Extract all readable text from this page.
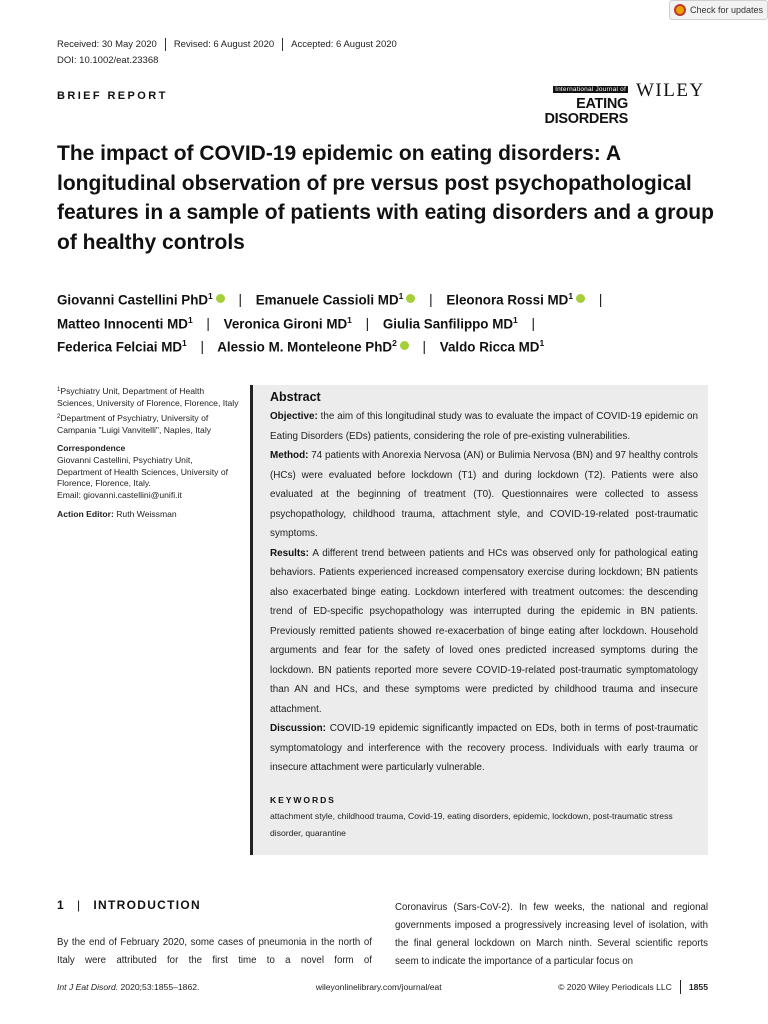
Received: 30 May 2020 Revised: 6 August 2020 Accepted: 6 August 2020
DOI: 10.1002/eat.23368
Check for updates
International Journal of
EATING DISORDERS
WILEY
BRIEF REPORT
The impact of COVID-19 epidemic on eating disorders: A longitudinal observation of pre versus post psychopathological features in a sample of patients with eating disorders and a group of healthy controls
Giovanni Castellini PhD$^1$ | Emanuele Cassioli $MD^1$ | Eleonora Rossi $MD^1$ |
Matteo Innocenti $MD^1$ | Veronica Gironi $MD^1$ | Giulia Sanfilippo $MD^1$ |
Federica Felciai $MD^1$ | Alessio M. Monteleone PhD$^2$ | Valdo Ricca $MD^1$

$^1$Psychiatry Unit, Department of Health Sciences, University of Florence, Florence, Italy

$^2$Department of Psychiatry, University of Campania "Luigi Vanvitelli", Naples, Italy

Correspondence

Giovanni Castellini, Psychiatry Unit, Department of Health Sciences, University of Florence, Florence, Italy.

Email: giovanni.castellini@unifi.it

Action Editor: Ruth Weissman

Abstract
Objective: the aim of this longitudinal study was to evaluate the impact of COVID-19 epidemic on Eating Disorders (EDs) patients, considering the role of pre-existing vulnerabilities.
Method: 74 patients with Anorexia Nervosa (AN) or Bulimia Nervosa (BN) and 97 healthy controls (HCs) were evaluated before lockdown (T1) and during lockdown (T2). Patients were also evaluated at the beginning of treatment (T0). Questionnaires were collected to assess psychopathology, childhood trauma, attachment style, and COVID-19-related post-traumatic symptoms.
Results: A different trend between patients and HCs was observed only for pathological eating behaviors. Patients experienced increased compensatory exercise during lockdown; BN patients also exacerbated binge eating. Lockdown interfered with treatment outcomes: the descending trend of ED-specific psychopathology was interrupted during the epidemic in BN patients. Previously remitted patients showed re-exacerbation of binge eating after lockdown. Household arguments and fear for the safety of loved ones predicted increased symptoms during the lockdown. BN patients reported more severe COVID-19-related post-traumatic symptomatology than AN and HCs, and these symptoms were predicted by childhood trauma and insecure attachment.
Discussion: COVID-19 epidemic significantly impacted on EDs, both in terms of post-traumatic symptomatology and interference with the recovery process. Individuals with early trauma or insecure attachment were particularly vulnerable.
KEYWORDS
attachment style, childhood trauma, Covid-19, eating disorders, epidemic, lockdown, post-traumatic stress disorder, quarantine
1 | INTRODUCTION
By the end of February 2020, some cases of pneumonia in the north of Italy were attributed for the first time to a novel form of
Coronavirus (Sars-CoV-2). In few weeks, the national and regional governments imposed a progressively increasing level of isolation, with the final general lockdown on March ninth. Several scientific reports seem to indicate the importance of a particular focus on
Int J Eat Disord. 2020;53:1855–1862.	wileyonlinelibrary.com/journal/eat	© 2020 Wiley Periodicals LLC 1855
